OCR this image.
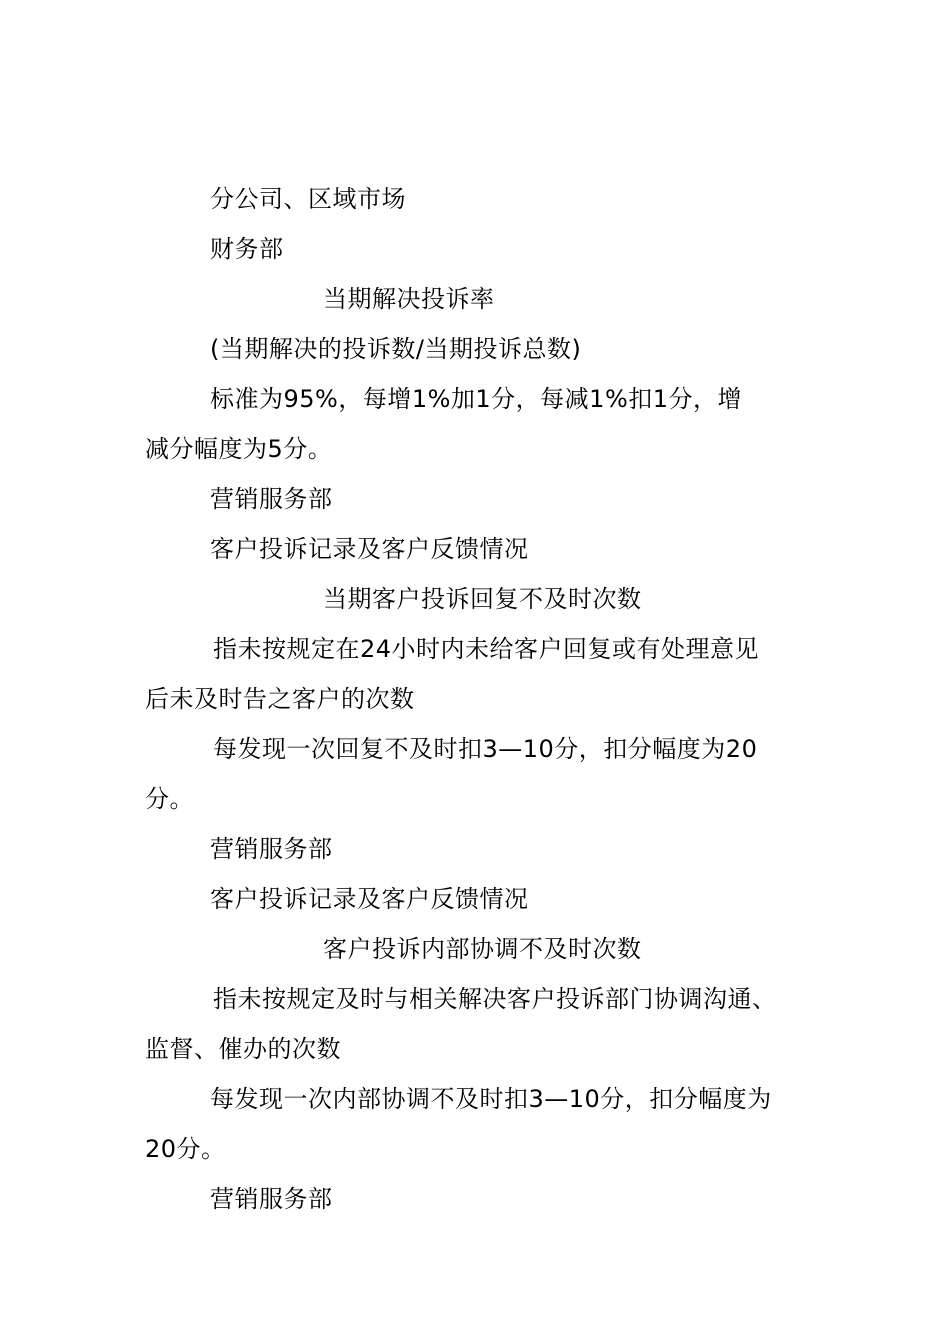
分公司、区域市场
财务部
当期解决投诉率
(当期解决的投诉数/当期投诉总数)
标准为95%，每增1%加1分，每减1%扣1分，增
减分幅度为5分。
营销服务部
客户投诉记录及客户反馈情况
当期客户投诉回复不及时次数
指未按规定在24小时内未给客户回复或有处理意见
后未及时告之客户的次数
每发现一次回复不及时扣3—10分，扣分幅度为20
分。
营销服务部
客户投诉记录及客户反馈情况
客户投诉内部协调不及时次数
指未按规定及时与相关解决客户投诉部门协调沟通、
监督、催办的次数
每发现一次内部协调不及时扣3—10分，扣分幅度为
20分。
营销服务部
